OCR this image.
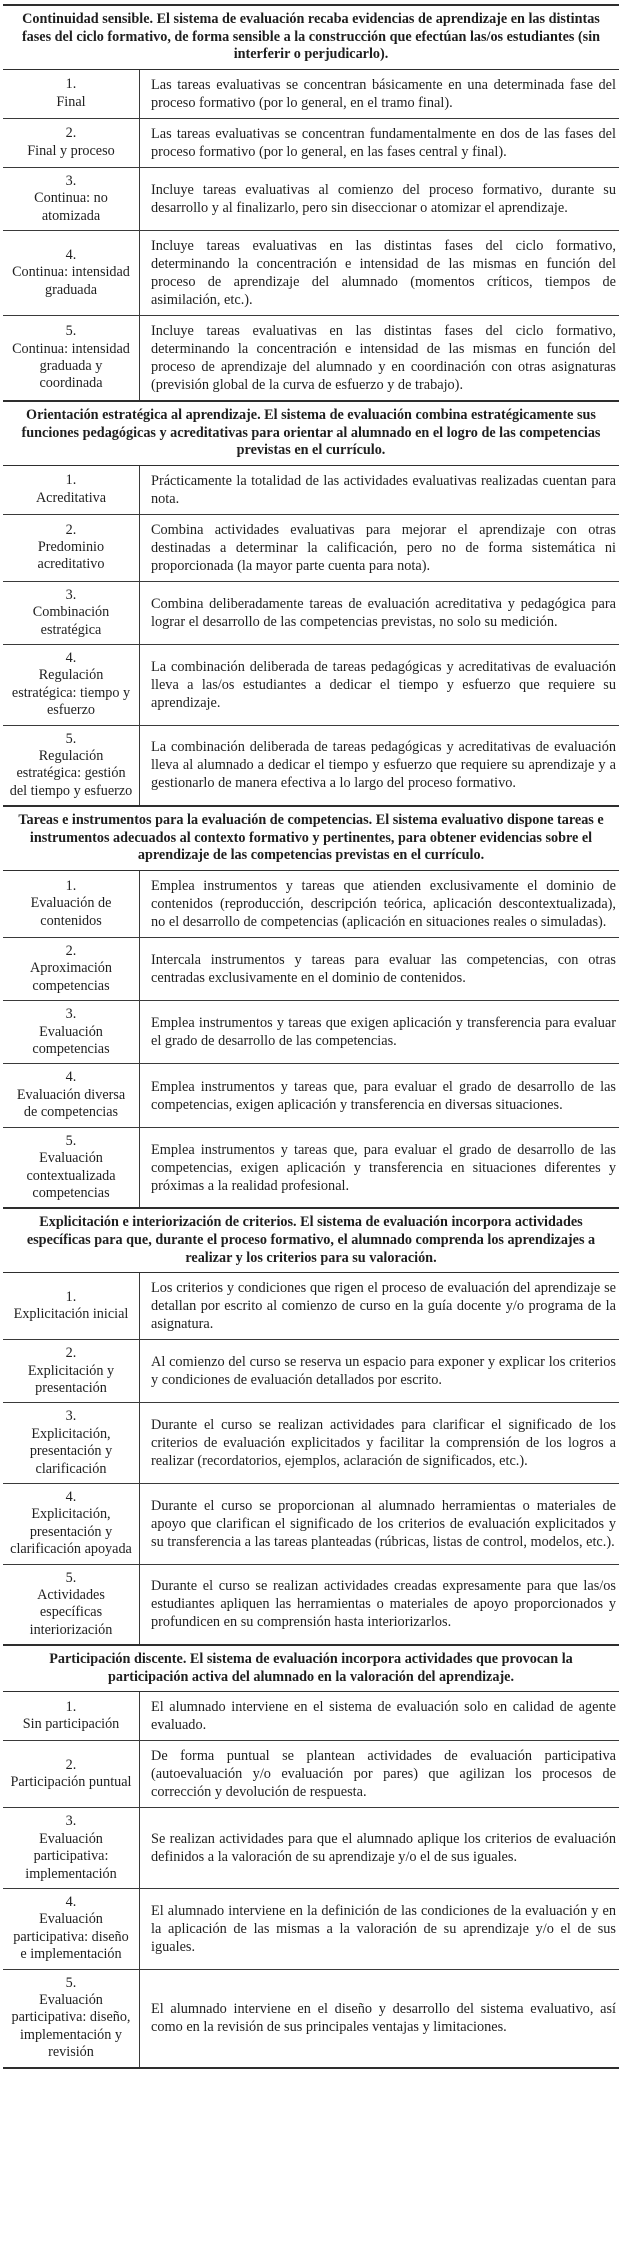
Continuidad sensible. El sistema de evaluación recaba evidencias de aprendizaje en las distintas fases del ciclo formativo, de forma sensible a la construcción que efectúan las/os estudiantes (sin interferir o perjudicarlo).
1.
Final

Las tareas evaluativas se concentran básicamente en una determinada fase del proceso formativo (por lo general, en el tramo final).

2.
Final y proceso

Las tareas evaluativas se concentran fundamentalmente en dos de las fases del proceso formativo (por lo general, en las fases central y final).

3.
Continua: no atomizada

Incluye tareas evaluativas al comienzo del proceso formativo, durante su desarrollo y al finalizarlo, pero sin diseccionar o atomizar el aprendizaje.

4.
Continua: intensidad graduada

Incluye tareas evaluativas en las distintas fases del ciclo formativo, determinando la concentración e intensidad de las mismas en función del proceso de aprendizaje del alumnado (momentos críticos, tiempos de asimilación, etc.).

5.
Continua: intensidad graduada y coordinada

Incluye tareas evaluativas en las distintas fases del ciclo formativo, determinando la concentración e intensidad de las mismas en función del proceso de aprendizaje del alumnado y en coordinación con otras asignaturas (previsión global de la curva de esfuerzo y de trabajo).

Orientación estratégica al aprendizaje. El sistema de evaluación combina estratégicamente sus funciones pedagógicas y acreditativas para orientar al alumnado en el logro de las competencias previstas en el currículo.
1.
Acreditativa

Prácticamente la totalidad de las actividades evaluativas realizadas cuentan para nota.

2.
Predominio acreditativo

Combina actividades evaluativas para mejorar el aprendizaje con otras destinadas a determinar la calificación, pero no de forma sistemática ni proporcionada (la mayor parte cuenta para nota).

3.
Combinación estratégica

Combina deliberadamente tareas de evaluación acreditativa y pedagógica para lograr el desarrollo de las competencias previstas, no solo su medición.

4.
Regulación estratégica: tiempo y esfuerzo

La combinación deliberada de tareas pedagógicas y acreditativas de evaluación lleva a las/os estudiantes a dedicar el tiempo y esfuerzo que requiere su aprendizaje.

5.
Regulación estratégica: gestión del tiempo y esfuerzo

La combinación deliberada de tareas pedagógicas y acreditativas de evaluación lleva al alumnado a dedicar el tiempo y esfuerzo que requiere su aprendizaje y a gestionarlo de manera efectiva a lo largo del proceso formativo.

Tareas e instrumentos para la evaluación de competencias. El sistema evaluativo dispone tareas e instrumentos adecuados al contexto formativo y pertinentes, para obtener evidencias sobre el aprendizaje de las competencias previstas en el currículo.
1.
Evaluación de contenidos

Emplea instrumentos y tareas que atienden exclusivamente el dominio de contenidos (reproducción, descripción teórica, aplicación descontextualizada), no el desarrollo de competencias (aplicación en situaciones reales o simuladas).

2.
Aproximación competencias

Intercala instrumentos y tareas para evaluar las competencias, con otras centradas exclusivamente en el dominio de contenidos.

3.
Evaluación competencias

Emplea instrumentos y tareas que exigen aplicación y transferencia para evaluar el grado de desarrollo de las competencias.

4.
Evaluación diversa de competencias

Emplea instrumentos y tareas que, para evaluar el grado de desarrollo de las competencias, exigen aplicación y transferencia en diversas situaciones.

5.
Evaluación contextualizada competencias

Emplea instrumentos y tareas que, para evaluar el grado de desarrollo de las competencias, exigen aplicación y transferencia en situaciones diferentes y próximas a la realidad profesional.

Explicitación e interiorización de criterios. El sistema de evaluación incorpora actividades específicas para que, durante el proceso formativo, el alumnado comprenda los aprendizajes a realizar y los criterios para su valoración.
1.
Explicitación inicial

Los criterios y condiciones que rigen el proceso de evaluación del aprendizaje se detallan por escrito al comienzo de curso en la guía docente y/o programa de la asignatura.

2.
Explicitación y presentación

Al comienzo del curso se reserva un espacio para exponer y explicar los criterios y condiciones de evaluación detallados por escrito.

3.
Explicitación, presentación y clarificación

Durante el curso se realizan actividades para clarificar el significado de los criterios de evaluación explicitados y facilitar la comprensión de los logros a realizar (recordatorios, ejemplos, aclaración de significados, etc.).

4.
Explicitación, presentación y clarificación apoyada

Durante el curso se proporcionan al alumnado herramientas o materiales de apoyo que clarifican el significado de los criterios de evaluación explicitados y su transferencia a las tareas planteadas (rúbricas, listas de control, modelos, etc.).

5.
Actividades específicas interiorización

Durante el curso se realizan actividades creadas expresamente para que las/os estudiantes apliquen las herramientas o materiales de apoyo proporcionados y profundicen en su comprensión hasta interiorizarlos.

Participación discente. El sistema de evaluación incorpora actividades que provocan la participación activa del alumnado en la valoración del aprendizaje.
1.
Sin participación

El alumnado interviene en el sistema de evaluación solo en calidad de agente evaluado.

2.
Participación puntual

De forma puntual se plantean actividades de evaluación participativa (autoevaluación y/o evaluación por pares) que agilizan los procesos de corrección y devolución de respuesta.

3.
Evaluación participativa: implementación

Se realizan actividades para que el alumnado aplique los criterios de evaluación definidos a la valoración de su aprendizaje y/o el de sus iguales.

4.
Evaluación participativa: diseño e implementación

El alumnado interviene en la definición de las condiciones de la evaluación y en la aplicación de las mismas a la valoración de su aprendizaje y/o el de sus iguales.

5.
Evaluación participativa: diseño, implementación y revisión

El alumnado interviene en el diseño y desarrollo del sistema evaluativo, así como en la revisión de sus principales ventajas y limitaciones.
